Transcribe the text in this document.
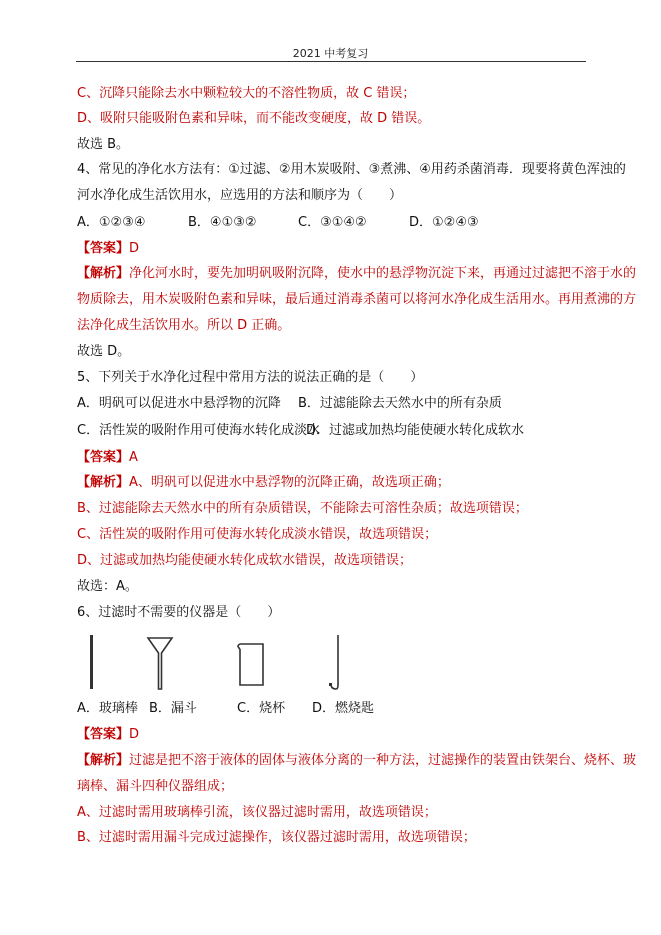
2021 中考复习
C、沉降只能除去水中颗粒较大的不溶性物质，故 C 错误；
D、吸附只能吸附色素和异味，而不能改变硬度，故 D 错误。
故选 B。
4、常见的净化水方法有：①过滤、②用木炭吸附、③煮沸、④用药杀菌消毒．现要将黄色浑浊的
河水净化成生活饮用水，应选用的方法和顺序为（　　）
A．①②③④	B．④①③②	C．③①④②	D．①②④③
【答案】D
【解析】净化河水时，要先加明矾吸附沉降，使水中的悬浮物沉淀下来，再通过过滤把不溶于水的
物质除去，用木炭吸附色素和异味，最后通过消毒杀菌可以将河水净化成生活用水。再用煮沸的方
法净化成生活饮用水。所以 D 正确。
故选 D。
5、下列关于水净化过程中常用方法的说法正确的是（　　）
A．明矾可以促进水中悬浮物的沉降 B．过滤能除去天然水中的所有杂质
C．活性炭的吸附作用可使海水转化成淡水
D．过滤或加热均能使硬水转化成软水
【答案】A
【解析】A、明矾可以促进水中悬浮物的沉降正确，故选项正确；
B、过滤能除去天然水中的所有杂质错误，不能除去可溶性杂质；故选项错误；
C、活性炭的吸附作用可使海水转化成淡水错误，故选项错误；
D、过滤或加热均能使硬水转化成软水错误，故选项错误；
故选：A。
6、过滤时不需要的仪器是（　　）
A．玻璃棒 B．漏斗	C．烧杯 D．燃烧匙
【答案】D
【解析】过滤是把不溶于液体的固体与液体分离的一种方法，过滤操作的装置由铁架台、烧杯、玻
璃棒、漏斗四种仪器组成；
A、过滤时需用玻璃棒引流，该仪器过滤时需用，故选项错误；
B、过滤时需用漏斗完成过滤操作，该仪器过滤时需用，故选项错误；
